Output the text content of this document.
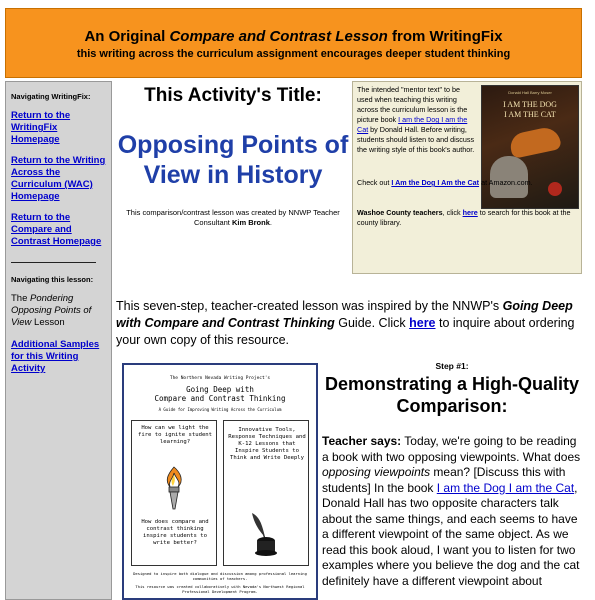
An Original Compare and Contrast Lesson from WritingFix
this writing across the curriculum assignment encourages deeper student thinking
Navigating WritingFix:
Return to the WritingFix Homepage
Return to the Writing Across the Curriculum (WAC) Homepage
Return to the Compare and Contrast Homepage
Navigating this lesson:
The Pondering Opposing Points of View Lesson
Additional Samples for this Writing Activity
This Activity's Title:
Opposing Points of View in History
This comparison/contrast lesson was created by NNWP Teacher Consultant Kim Bronk.
The intended "mentor text" to be used when teaching this writing across the curriculum lesson is the picture book I am the Dog I am the Cat by Donald Hall. Before writing, students should listen to and discuss the writing style of this book's author.
Donald Hall Barry Moser
I AM THE DOG
I AM THE CAT
Check out I Am the Dog I Am the Cat at Amazon.com.
Washoe County teachers, click here to search for this book at the county library.
This seven-step, teacher-created lesson was inspired by the NNWP's Going Deep with Compare and Contrast Thinking Guide. Click here to inquire about ordering your own copy of this resource.
The Northern Nevada Writing Project's
Going Deep with
Compare and Contrast Thinking
A Guide for Improving Writing Across the Curriculum
How can we light the fire to ignite student learning?
How does compare and contrast thinking inspire students to write better?
Innovative Tools, Response Techniques and K-12 Lessons that Inspire Students to Think and Write Deeply
Designed to inspire both dialogue and discussion among professional learning communities of teachers.
This resource was created collaboratively with Nevada's Northwest Regional Professional Development Program.
Step #1:
Demonstrating a High-Quality Comparison:
Teacher says: Today, we're going to be reading a book with two opposing viewpoints. What does opposing viewpoints mean? [Discuss this with students] In the book I am the Dog I am the Cat, Donald Hall has two opposite characters talk about the same things, and each seems to have a different viewpoint of the same object. As we read this book aloud, I want you to listen for two examples where you believe the dog and the cat definitely have a different viewpoint about
